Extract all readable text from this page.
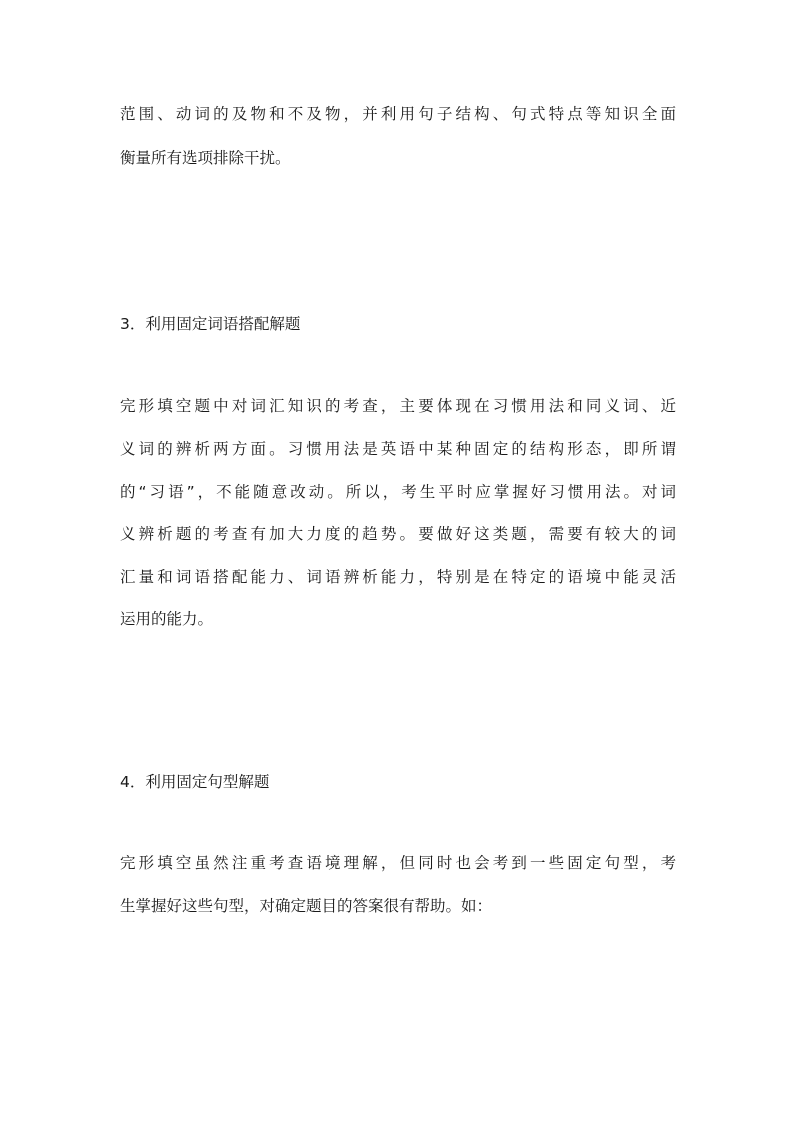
范围、动词的及物和不及物，并利用句子结构、句式特点等知识全面
衡量所有选项排除干扰。
3．利用固定词语搭配解题
完形填空题中对词汇知识的考查，主要体现在习惯用法和同义词、近
义词的辨析两方面。习惯用法是英语中某种固定的结构形态，即所谓
的“习语”，不能随意改动。所以，考生平时应掌握好习惯用法。对词
义辨析题的考查有加大力度的趋势。要做好这类题，需要有较大的词
汇量和词语搭配能力、词语辨析能力，特别是在特定的语境中能灵活
运用的能力。
4．利用固定句型解题
完形填空虽然注重考查语境理解，但同时也会考到一些固定句型，考
生掌握好这些句型，对确定题目的答案很有帮助。如：
